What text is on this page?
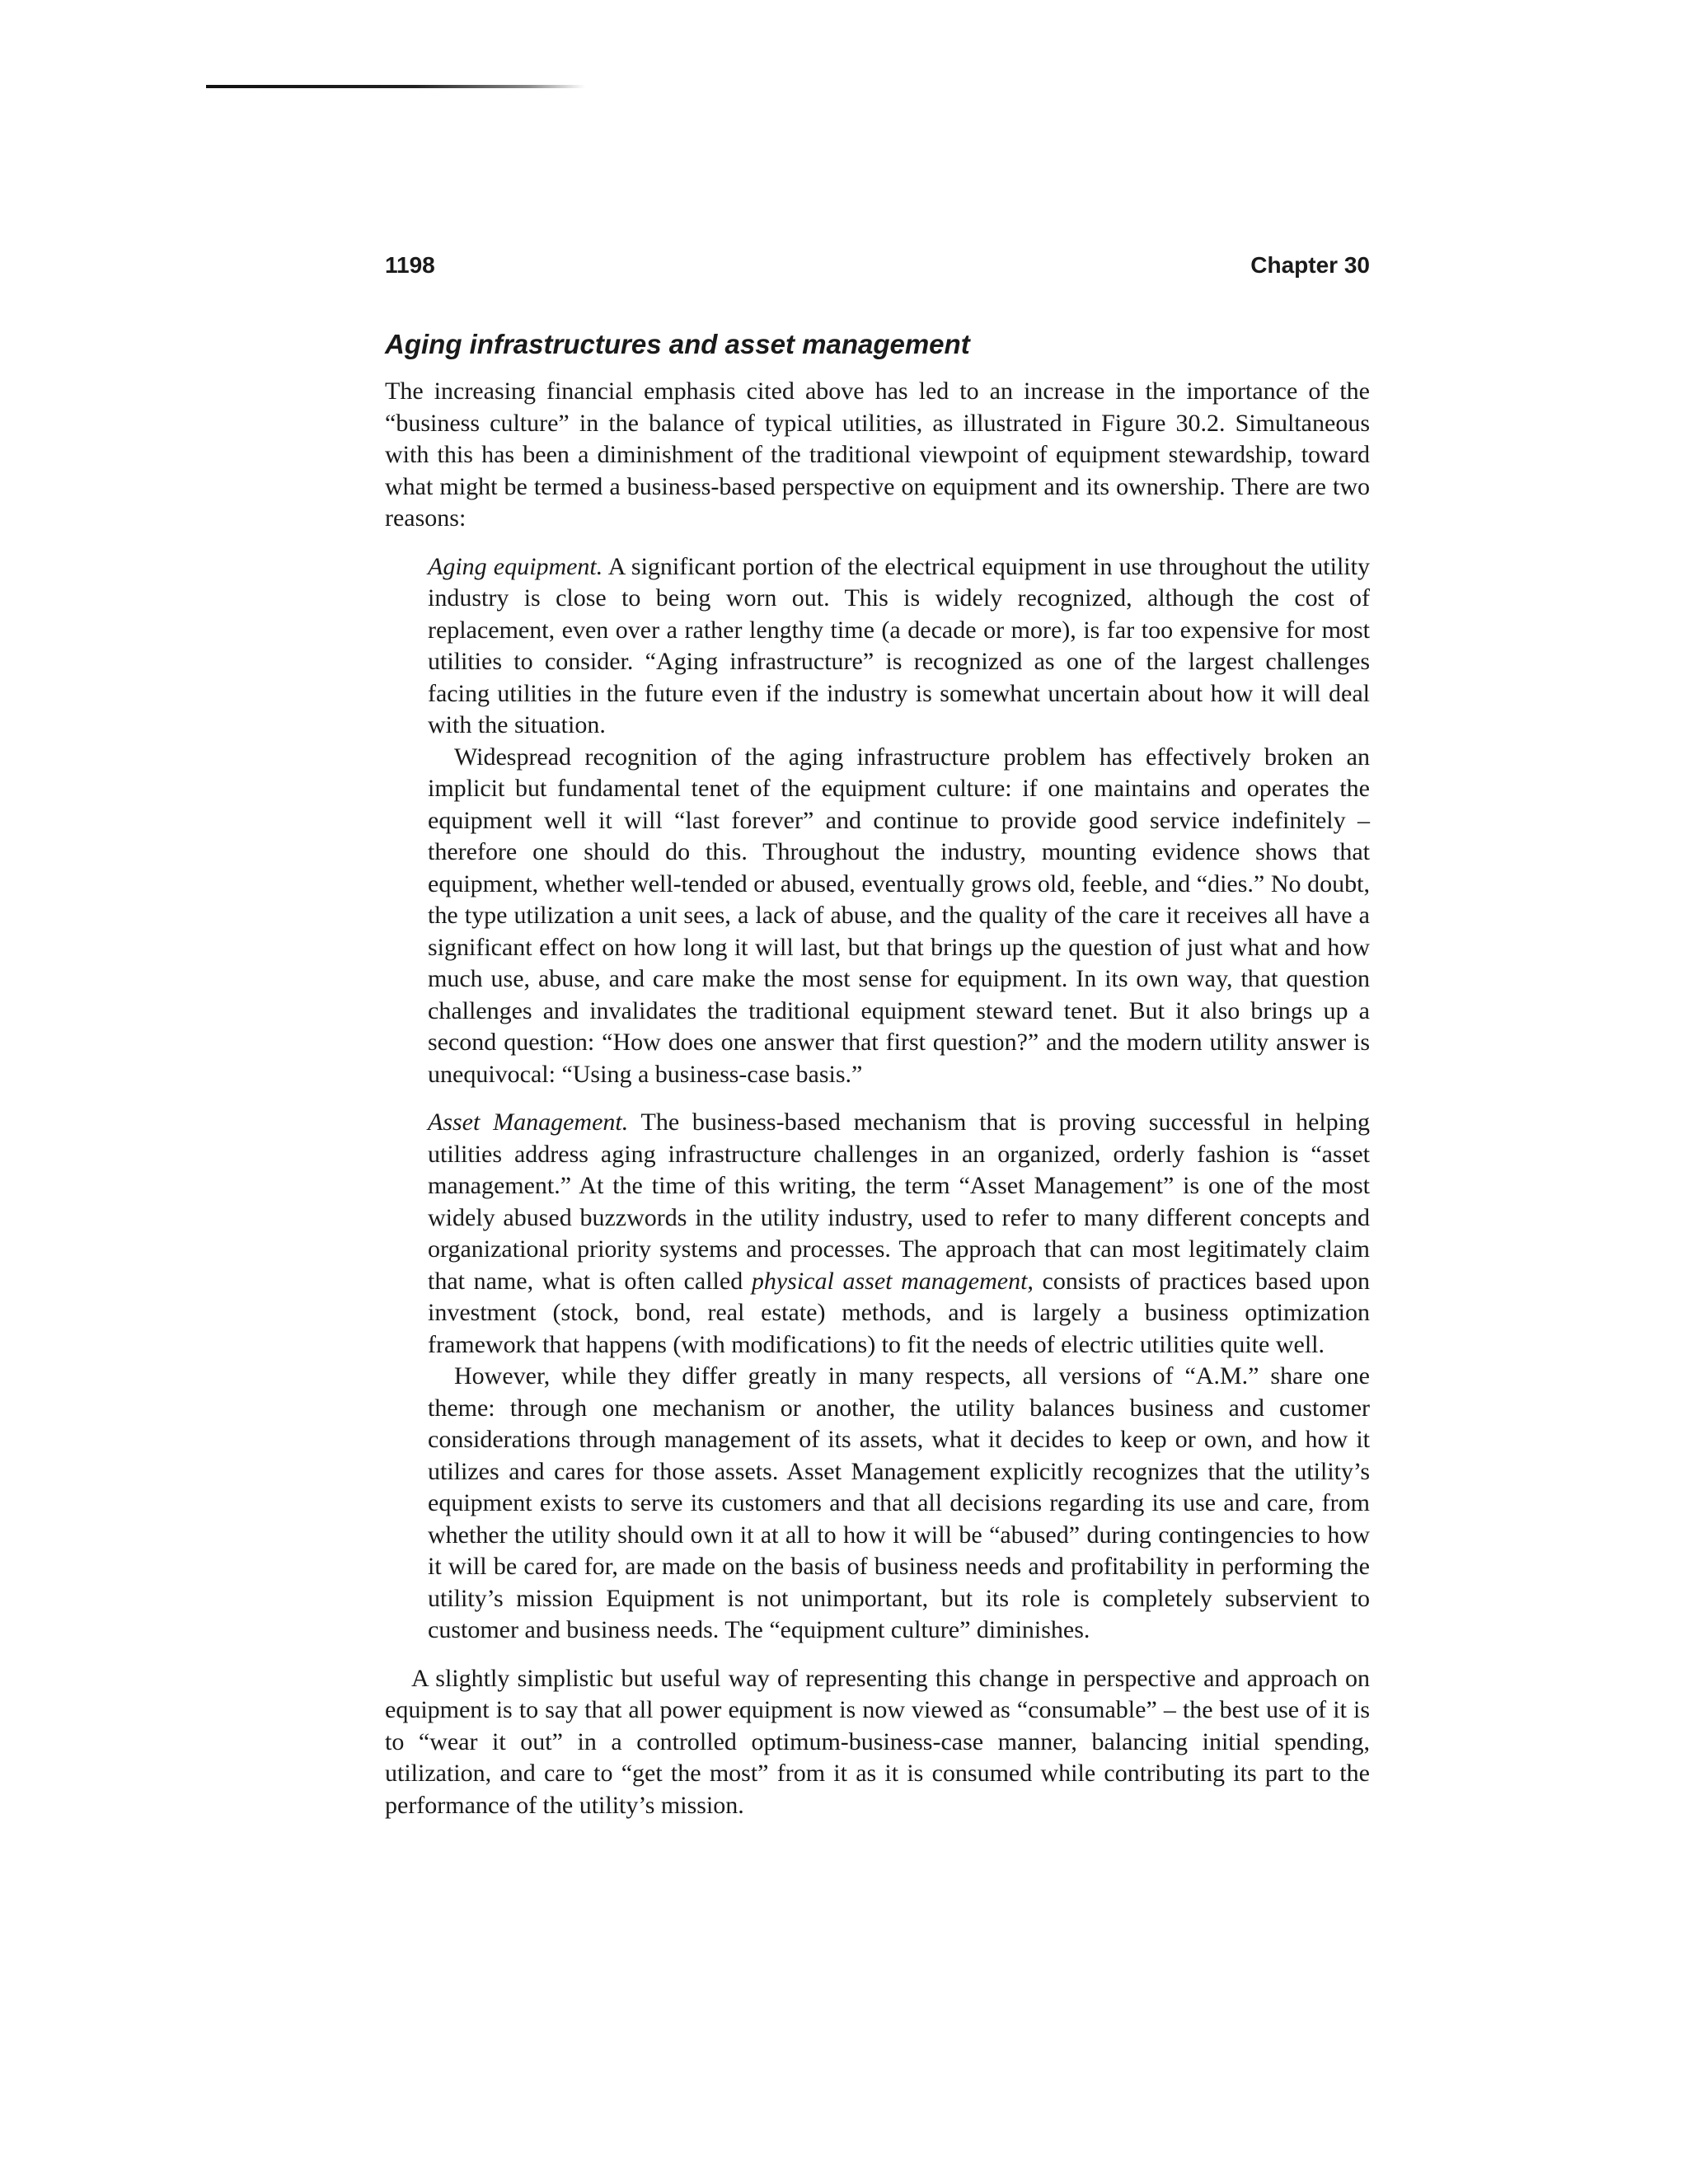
1198	Chapter 30
Aging infrastructures and asset management

The increasing financial emphasis cited above has led to an increase in the importance of the “business culture” in the balance of typical utilities, as illustrated in Figure 30.2. Simultaneous with this has been a diminishment of the traditional viewpoint of equipment stewardship, toward what might be termed a business-based perspective on equipment and its ownership. There are two reasons:

Aging equipment. A significant portion of the electrical equipment in use throughout the utility industry is close to being worn out. This is widely recognized, although the cost of replacement, even over a rather lengthy time (a decade or more), is far too expensive for most utilities to consider. “Aging infrastructure” is recognized as one of the largest challenges facing utilities in the future even if the industry is somewhat uncertain about how it will deal with the situation.

Widespread recognition of the aging infrastructure problem has effectively broken an implicit but fundamental tenet of the equipment culture: if one maintains and operates the equipment well it will “last forever” and continue to provide good service indefinitely – therefore one should do this. Throughout the industry, mounting evidence shows that equipment, whether well-tended or abused, eventually grows old, feeble, and “dies.” No doubt, the type utilization a unit sees, a lack of abuse, and the quality of the care it receives all have a significant effect on how long it will last, but that brings up the question of just what and how much use, abuse, and care make the most sense for equipment. In its own way, that question challenges and invalidates the traditional equipment steward tenet. But it also brings up a second question: “How does one answer that first question?” and the modern utility answer is unequivocal: “Using a business-case basis.”

Asset Management. The business-based mechanism that is proving successful in helping utilities address aging infrastructure challenges in an organized, orderly fashion is “asset management.” At the time of this writing, the term “Asset Management” is one of the most widely abused buzzwords in the utility industry, used to refer to many different concepts and organizational priority systems and processes. The approach that can most legitimately claim that name, what is often called physical asset management, consists of practices based upon investment (stock, bond, real estate) methods, and is largely a business optimization framework that happens (with modifications) to fit the needs of electric utilities quite well.

However, while they differ greatly in many respects, all versions of “A.M.” share one theme: through one mechanism or another, the utility balances business and customer considerations through management of its assets, what it decides to keep or own, and how it utilizes and cares for those assets. Asset Management explicitly recognizes that the utility’s equipment exists to serve its customers and that all decisions regarding its use and care, from whether the utility should own it at all to how it will be “abused” during contingencies to how it will be cared for, are made on the basis of business needs and profitability in performing the utility’s mission Equipment is not unimportant, but its role is completely subservient to customer and business needs. The “equipment culture” diminishes.

A slightly simplistic but useful way of representing this change in perspective and approach on equipment is to say that all power equipment is now viewed as “consumable” – the best use of it is to “wear it out” in a controlled optimum-business-case manner, balancing initial spending, utilization, and care to “get the most” from it as it is consumed while contributing its part to the performance of the utility’s mission.
